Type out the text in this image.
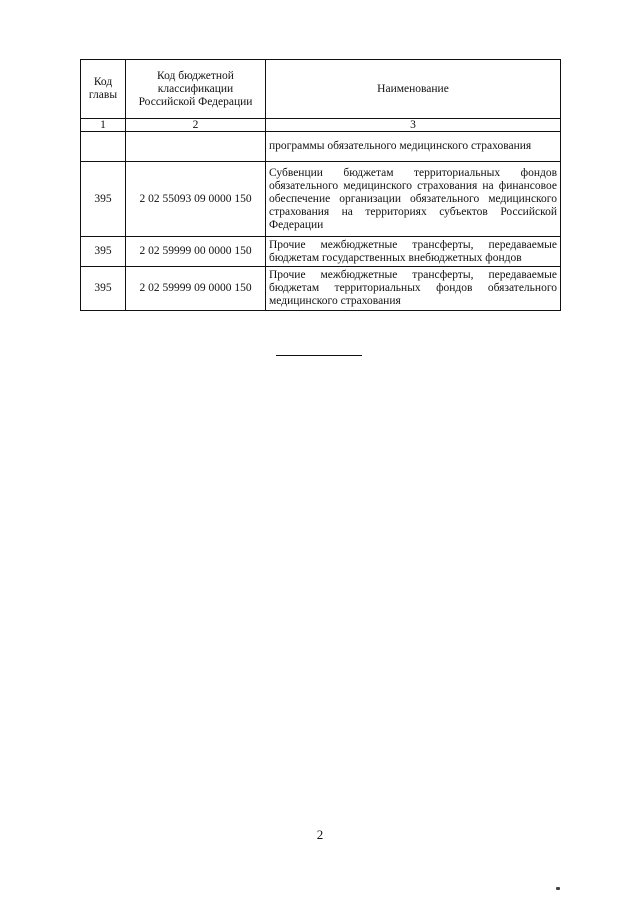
Код главы	Код бюджетной классификации Российской Федерации	Наименование
1	2	3
		программы обязательного медицинского страхования
395	2 02 55093 09 0000 150	Субвенции бюджетам территориальных фондов обязательного медицинского страхования на финансовое обеспечение организации обязательного медицинского страхования на территориях субъектов Российской Федерации
395	2 02 59999 00 0000 150	Прочие межбюджетные трансферты, передаваемые бюджетам государственных внебюджетных фондов
395	2 02 59999 09 0000 150	Прочие межбюджетные трансферты, передаваемые бюджетам территориальных фондов обязательного медицинского страхования
2
